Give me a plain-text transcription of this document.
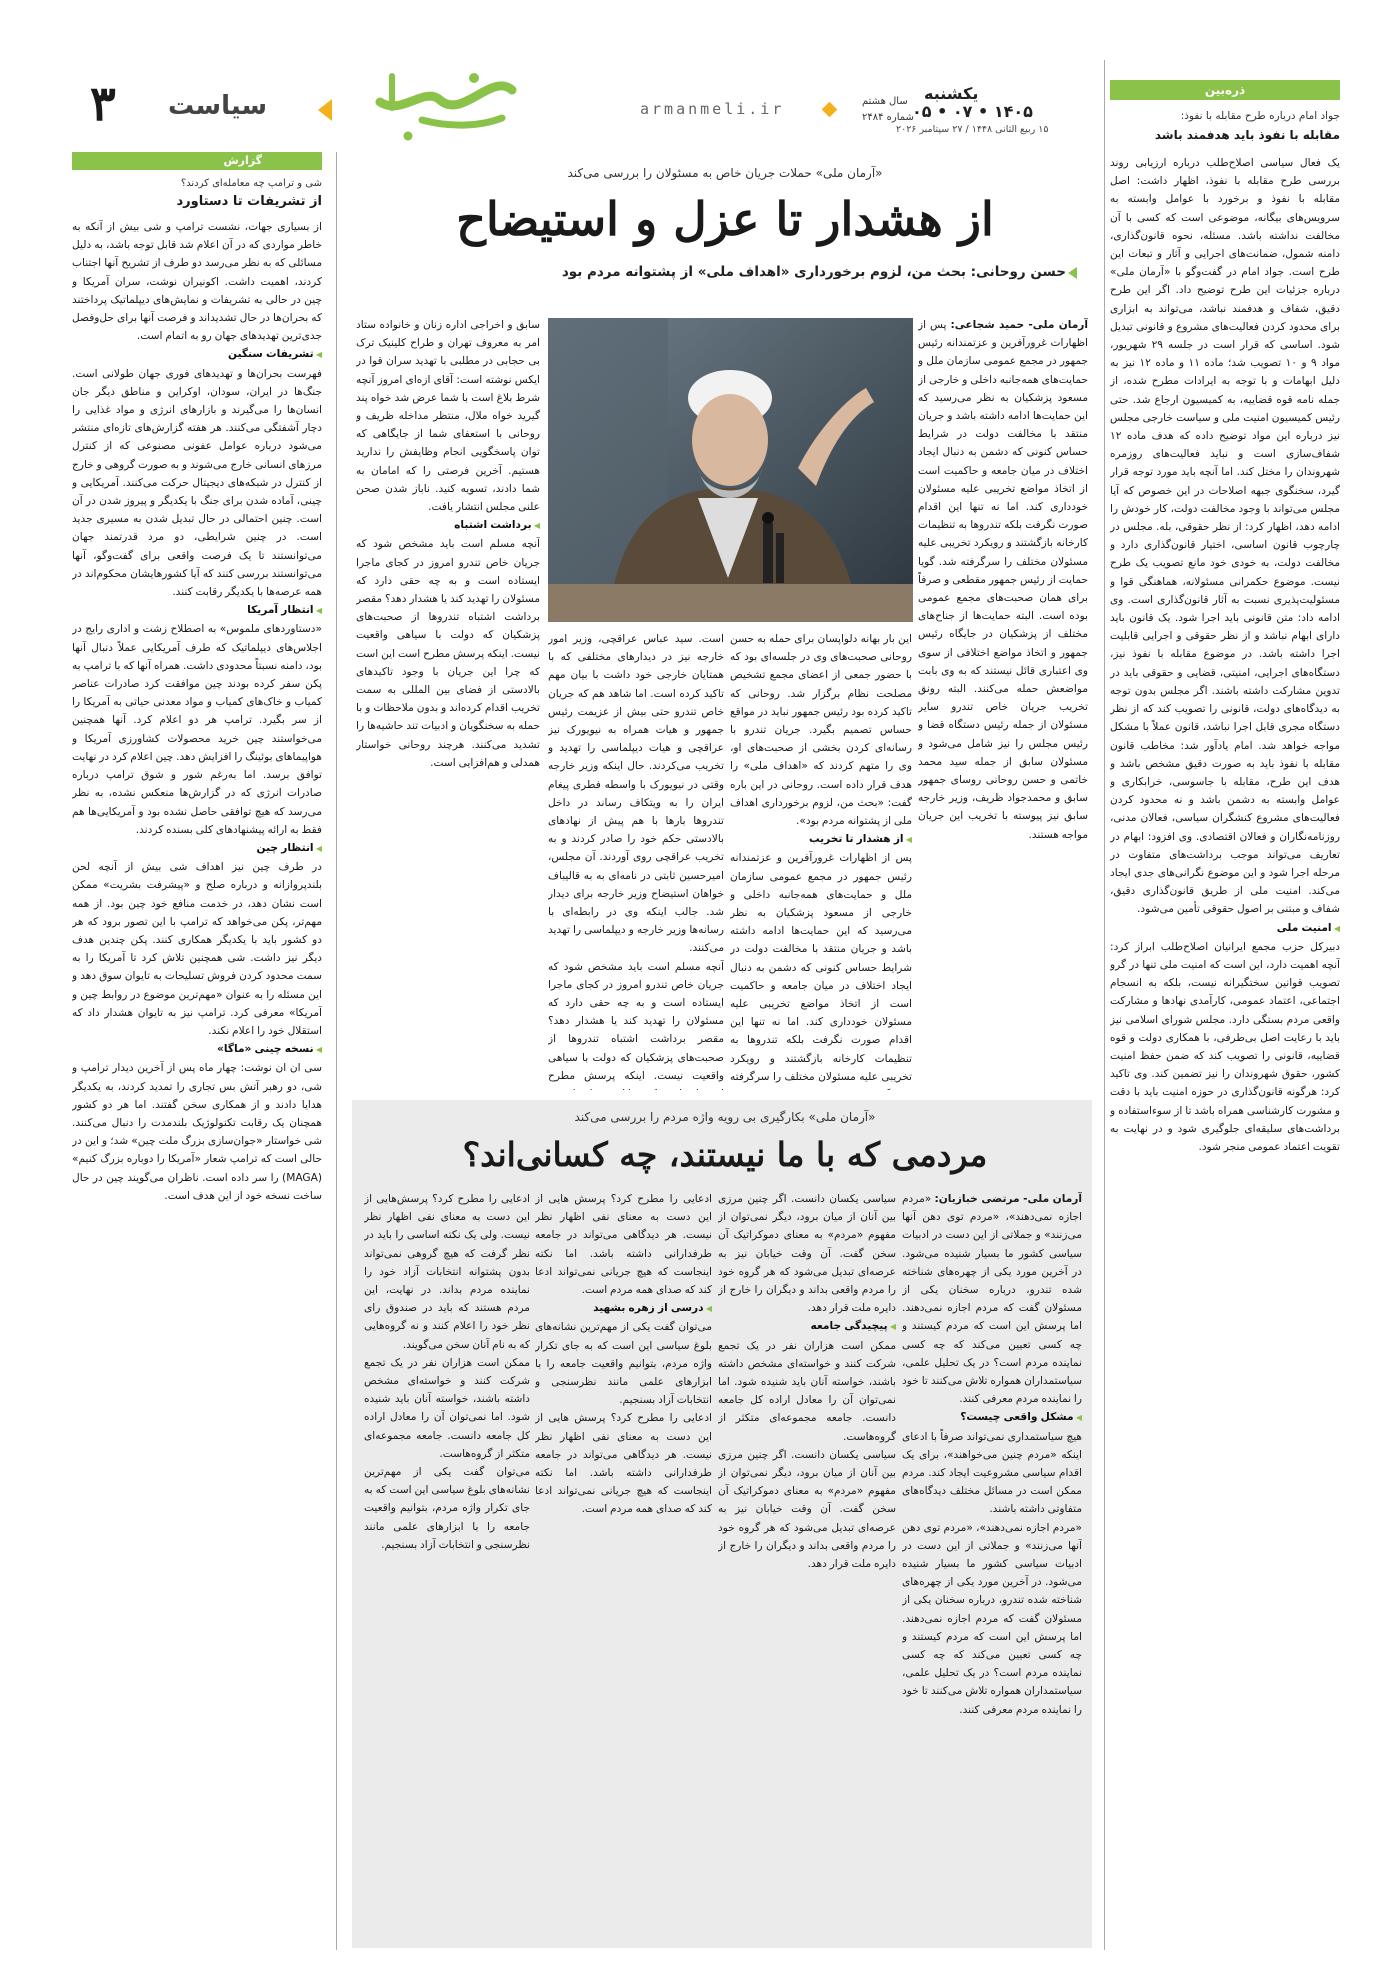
۳ سیاست	armanmeli.ir	سال هشتم
شماره ۲۴۸۴
یکشنبه
۱۴۰۵ • ۰۷ • ۰۵
۱۵ ربیع الثانی ۱۴۴۸ / ۲۷ سپتامبر ۲۰۲۶
ذره‌بین
جواد امام درباره طرح مقابله با نفوذ:
مقابله با نفوذ باید هدفمند باشد

یک فعال سیاسی اصلاح‌طلب درباره ارزیابی روند بررسی طرح مقابله با نفوذ، اظهار داشت: اصل مقابله با نفوذ و برخورد با عوامل وابسته به سرویس‌های بیگانه، موضوعی است که کسی با آن مخالفت نداشته باشد. مسئله، نحوه قانون‌گذاری، دامنه شمول، ضمانت‌های اجرایی و آثار و تبعات این طرح است. جواد امام در گفت‌وگو با «آرمان ملی» درباره جزئیات این طرح توضیح داد. اگر این طرح دقیق، شفاف و هدفمند نباشد، می‌تواند به ابزاری برای محدود کردن فعالیت‌های مشروع و قانونی تبدیل شود. اساسی که قرار است در جلسه ۲۹ شهریور، مواد ۹ و ۱۰ تصویب شد؛ ماده ۱۱ و ماده ۱۲ نیز به دلیل ابهامات و با توجه به ایرادات مطرح شده، از جمله نامه قوه قضاییه، به کمیسیون ارجاع شد. حتی رئیس کمیسیون امنیت ملی و سیاست خارجی مجلس نیز درباره این مواد توضیح داده که هدف ماده ۱۲ شفاف‌سازی است و نباید فعالیت‌های روزمره شهروندان را مختل کند. اما آنچه باید مورد توجه قرار گیرد، سخنگوی جبهه اصلاحات در این خصوص که آیا مجلس می‌تواند با وجود مخالفت دولت، کار خودش را ادامه دهد، اظهار کرد: از نظر حقوقی، بله. مجلس در چارچوب قانون اساسی، اختیار قانون‌گذاری دارد و مخالفت دولت، به خودی خود مانع تصویب یک طرح نیست. موضوع حکمرانی مسئولانه، هماهنگی قوا و مسئولیت‌پذیری نسبت به آثار قانون‌گذاری است. وی ادامه داد: متن قانونی باید اجرا شود. یک قانون باید دارای ابهام نباشد و از نظر حقوقی و اجرایی قابلیت اجرا داشته باشد. در موضوع مقابله با نفوذ نیز، دستگاه‌های اجرایی، امنیتی، قضایی و حقوقی باید در تدوین مشارکت داشته باشند. اگر مجلس بدون توجه به دیدگاه‌های دولت، قانونی را تصویب کند که از نظر دستگاه مجری قابل اجرا نباشد، قانون عملاً با مشکل مواجه خواهد شد. امام یادآور شد: مخاطب قانون مقابله با نفوذ باید به صورت دقیق مشخص باشد و هدف این طرح، مقابله با جاسوسی، خرابکاری و عوامل وابسته به دشمن باشد و نه محدود کردن فعالیت‌های مشروع کنشگران سیاسی، فعالان مدنی، روزنامه‌نگاران و فعالان اقتصادی. وی افزود: ابهام در تعاریف می‌تواند موجب برداشت‌های متفاوت در مرحله اجرا شود و این موضوع نگرانی‌های جدی ایجاد می‌کند. امنیت ملی از طریق قانون‌گذاری دقیق، شفاف و مبتنی بر اصول حقوقی تأمین می‌شود.

◀ امنیت ملی

دبیرکل حزب مجمع ایرانیان اصلاح‌طلب ابراز کرد: آنچه اهمیت دارد، این است که امنیت ملی تنها در گرو تصویب قوانین سختگیرانه نیست، بلکه به انسجام اجتماعی، اعتماد عمومی، کارآمدی نهادها و مشارکت واقعی مردم بستگی دارد. مجلس شورای اسلامی نیز باید با رعایت اصل بی‌طرفی، با همکاری دولت و قوه قضاییه، قانونی را تصویب کند که ضمن حفظ امنیت کشور، حقوق شهروندان را نیز تضمین کند. وی تاکید کرد: هرگونه قانون‌گذاری در حوزه امنیت باید با دقت و مشورت کارشناسی همراه باشد تا از سوءاستفاده و برداشت‌های سلیقه‌ای جلوگیری شود و در نهایت به تقویت اعتماد عمومی منجر شود.

گزارش
شی و ترامپ چه معامله‌ای کردند؟
از تشریفات تا دستاورد

از بسیاری جهات، نشست ترامپ و شی بیش از آنکه به خاطر مواردی که در آن اعلام شد قابل توجه باشد، به دلیل مسائلی که به نظر می‌رسد دو طرف از تشریح آنها اجتناب کردند، اهمیت داشت. اکونیران نوشت، سران آمریکا و چین در حالی به تشریفات و نمایش‌های دیپلماتیک پرداختند که بحران‌ها در حال تشدید‌اند و فرصت آنها برای حل‌وفصل جدی‌ترین تهدیدهای جهان رو به اتمام است.

◀ تشریفات سنگین

فهرست بحران‌ها و تهدیدهای فوری جهان طولانی است. جنگ‌ها در ایران، سودان، اوکراین و مناطق دیگر جان انسان‌ها را می‌گیرند و بازارهای انرژی و مواد غذایی را دچار آشفتگی می‌کنند. هر هفته گزارش‌های تازه‌ای منتشر می‌شود درباره عوامل عفونی مصنوعی که از کنترل مرزهای انسانی خارج می‌شوند و به صورت گروهی و خارج از کنترل در شبکه‌های دیجیتال حرکت می‌کنند. آمریکایی و چینی، آماده شدن برای جنگ با یکدیگر و پیروز شدن در آن است. چنین احتمالی در حال تبدیل شدن به مسیری جدید است. در چنین شرایطی، دو مرد قدرتمند جهان می‌توانستند تا یک فرصت واقعی برای گفت‌وگو، آنها می‌توانستند بررسی کنند که آیا کشورهایشان محکوم‌اند در همه عرصه‌ها با یکدیگر رقابت کنند.

◀ انتظار آمریکا

«دستاوردهای ملموس» به اصطلاح زشت و اداری رایج در اجلاس‌های دیپلماتیک که طرف آمریکایی عملاً دنبال آنها بود، دامنه نسبتاً محدودی داشت. همراه آنها که با ترامپ به پکن سفر کرده بودند چین موافقت کرد صادرات عناصر کمیاب و خاک‌های کمیاب و مواد معدنی حیاتی به آمریکا را از سر بگیرد. ترامپ هر دو اعلام کرد. آنها همچنین می‌خواستند چین خرید محصولات کشاورزی آمریکا و هواپیماهای بوئینگ را افزایش دهد. چین اعلام کرد در نهایت توافق برسد. اما به‌رغم شور و شوق ترامپ درباره صادرات انرژی که در گزارش‌ها منعکس نشده، به نظر می‌رسد که هیچ توافقی حاصل نشده بود و آمریکایی‌ها هم فقط به ارائه پیشنهادهای کلی بسنده کردند.

◀ انتظار چین

در طرف چین نیز اهداف شی بیش از آنچه لحن بلندپروازانه و درباره صلح و «پیشرفت بشریت» ممکن است نشان دهد، در خدمت منافع خود چین بود. از همه مهم‌تر، پکن می‌خواهد که ترامپ با این تصور برود که هر دو کشور باید با یکدیگر همکاری کنند. پکن چندین هدف دیگر نیز داشت. شی همچنین تلاش کرد تا آمریکا را به سمت محدود کردن فروش تسلیحات به تایوان سوق دهد و این مسئله را به عنوان «مهم‌ترین موضوع در روابط چین و آمریکا» معرفی کرد. ترامپ نیز به تایوان هشدار داد که استقلال خود را اعلام نکند.

◀ نسخه چینی «ماگا»

سی ان ان نوشت: چهار ماه پس از آخرین دیدار ترامپ و شی، دو رهبر آتش بس تجاری را تمدید کردند، به یکدیگر هدایا دادند و از همکاری سخن گفتند. اما هر دو کشور همچنان یک رقابت تکنولوژیک بلندمدت را دنبال می‌کنند. شی خواستار «جوان‌سازی بزرگ ملت چین» شد؛ و این در حالی است که ترامپ شعار «آمریکا را دوباره بزرگ کنیم» (MAGA) را سر داده است. ناظران می‌گویند چین در حال ساخت نسخه خود از این هدف است.

«آرمان ملی» حملات جریان خاص به مسئولان را بررسی می‌کند
از هشدار تا عزل و استیضاح
حسن روحانی: بحث من، لزوم برخورداری «اهداف ملی» از پشتوانه مردم بود
آرمان ملی- حمید شجاعی: پس از اظهارات غرورآفرین و عزتمندانه رئیس جمهور در مجمع عمومی سازمان ملل و حمایت‌های همه‌جانبه داخلی و خارجی از مسعود پزشکیان به نظر می‌رسید که این حمایت‌ها ادامه داشته باشد و جریان منتقد با مخالفت دولت در شرایط حساس کنونی که دشمن به دنبال ایجاد اختلاف در میان جامعه و حاکمیت است از اتخاذ مواضع تخریبی علیه مسئولان خودداری کند. اما نه تنها این اقدام صورت نگرفت بلکه تندروها به تنظیمات کارخانه بازگشتند و رویکرد تخریبی علیه مسئولان مختلف را سرگرفته شد. گویا حمایت از رئیس جمهور مقطعی و صرفاً برای همان صحبت‌های مجمع عمومی بوده است. البته حمایت‌ها از جناح‌های مختلف از پزشکیان در جایگاه رئیس جمهور و اتخاذ مواضع اختلافی از سوی وی اعتباری قائل نیستند که به وی بابت مواضعش حمله می‌کنند. البته رونق تخریب جریان خاص تندرو سایر مسئولان از جمله رئیس دستگاه قضا و رئیس مجلس را نیز شامل می‌شود و مسئولان سابق از جمله سید محمد خاتمی و حسن روحانی روسای جمهور سابق و محمدجواد ظریف، وزیر خارجه سابق نیز پیوسته با تخریب این جریان مواجه هستند.

این بار بهانه دلواپسان برای حمله به حسن روحانی صحبت‌های وی در جلسه‌ای بود که با حضور جمعی از اعضای مجمع تشخیص مصلحت نظام برگزار شد. روحانی که تاکید کرده بود رئیس جمهور نباید در مواقع حساس تصمیم بگیرد. جریان تندرو با رسانه‌ای کردن بخشی از صحبت‌های او، وی را متهم کردند که «اهداف ملی» را هدف قرار داده است. روحانی در این باره گفت: «بحث من، لزوم برخورداری اهداف ملی از پشتوانه مردم بود».

◀ از هشدار تا تخریب

پس از اظهارات غرورآفرین و عزتمندانه رئیس جمهور در مجمع عمومی سازمان ملل و حمایت‌های همه‌جانبه داخلی و خارجی از مسعود پزشکیان به نظر می‌رسید که این حمایت‌ها ادامه داشته باشد و جریان منتقد با مخالفت دولت در شرایط حساس کنونی که دشمن به دنبال ایجاد اختلاف در میان جامعه و حاکمیت است از اتخاذ مواضع تخریبی علیه مسئولان خودداری کند. اما نه تنها این اقدام صورت نگرفت بلکه تندروها به تنظیمات کارخانه بازگشتند و رویکرد تخریبی علیه مسئولان مختلف را سرگرفته

است. سید عباس عراقچی، وزیر امور خارجه نیز در دیدارهای مختلفی که با همتایان خارجی خود داشت با بیان مهم تاکید کرده است. اما شاهد هم که جریان خاص تندرو حتی بیش از عزیمت رئیس جمهور و هیات همراه به نیویورک نیز عراقچی و هیات دیپلماسی را تهدید و تخریب می‌کردند. حال اینکه وزیر خارجه وقتی در نیویورک با واسطه فطری پیغام ایران را به ویتکاف رساند در داخل تندروها بارها با هم پیش از نهادهای بالادستی حکم خود را صادر کردند و به تخریب عراقچی روی آوردند. آن مجلس، امیرحسین ثابتی در نامه‌ای به به قالیباف خواهان استیضاح وزیر خارجه برای دیدار شد. جالب اینکه وی در رابطه‌ای با رسانه‌ها وزیر خارجه و دیپلماسی را تهدید می‌کنند.

آنچه مسلم است باید مشخص شود که جریان خاص تندرو امروز در کجای ماجرا ایستاده است و به چه حقی دارد که مسئولان را تهدید کند یا هشدار دهد؟ مقصر برداشت اشتباه تندروها از صحبت‌های پزشکیان که دولت با سیاهی واقعیت نیست. اینکه پرسش مطرح

سابق و اخراجی اداره زنان و خانواده ستاد امر به معروف تهران و طراح کلینیک ترک بی حجابی در مطلبی با تهدید سران قوا در ایکس نوشته است: آقای ازه‌ای امروز آنچه شرط بلاغ است با شما عرض شد خواه پند گیرید خواه ملال، منتظر مداخله ظریف و روحانی با استعفای شما از جایگاهی که توان پاسخگویی انجام وظایفش را ندارید هستیم. آخرین فرصتی را که امامان به شما دادند، تسویه کنید. ناباز شدن صحن علنی مجلس انتشار یافت.

◀ برداشت اشتباه

آنچه مسلم است باید مشخص شود که جریان خاص تندرو امروز در کجای ماجرا ایستاده است و به چه حقی دارد که مسئولان را تهدید کند یا هشدار دهد؟ مقصر برداشت اشتباه تندروها از صحبت‌های پزشکیان که دولت با سیاهی واقعیت نیست. اینکه پرسش مطرح است این است که چرا این جریان با وجود تاکیدهای بالادستی از فضای بین المللی به سمت تخریب اقدام کرده‌اند و بدون ملاحظات و با حمله به سخنگویان و ادبیات تند حاشیه‌ها را تشدید می‌کنند. هرچند روحانی خواستار همدلی و هم‌افزایی است.

«آرمان ملی» بکارگیری بی رویه واژه مردم را بررسی می‌کند
مردمی که با ما نیستند، چه کسانی‌اند؟
آرمان ملی- مرتضی خبازیان: «مردم اجازه نمی‌دهند»، «مردم توی دهن آنها می‌زنند» و جملاتی از این دست در ادبیات سیاسی کشور ما بسیار شنیده می‌شود. در آخرین مورد یکی از چهره‌های شناخته شده تندرو، درباره سخنان یکی از مسئولان گفت که مردم اجازه نمی‌دهند. اما پرسش این است که مردم کیستند و چه کسی تعیین می‌کند که چه کسی نماینده مردم است؟ در یک تحلیل علمی، سیاستمداران همواره تلاش می‌کنند تا خود را نماینده مردم معرفی کنند.

◀ مشکل واقعی چیست؟

هیچ سیاستمداری نمی‌تواند صرفاً با ادعای اینکه «مردم چنین می‌خواهند»، برای یک اقدام سیاسی مشروعیت ایجاد کند. مردم ممکن است در مسائل مختلف دیدگاه‌های متفاوتی داشته باشند.

«مردم اجازه نمی‌دهند»، «مردم توی دهن آنها می‌زنند» و جملاتی از این دست در ادبیات سیاسی کشور ما بسیار شنیده می‌شود. در آخرین مورد یکی از چهره‌های شناخته شده تندرو، درباره سخنان یکی از مسئولان گفت که مردم اجازه نمی‌دهند. اما پرسش این است که مردم کیستند و چه کسی تعیین می‌کند که چه کسی نماینده مردم است؟ در یک تحلیل علمی، سیاستمداران همواره تلاش می‌کنند تا خود را نماینده مردم معرفی کنند.

سیاسی یکسان دانست. اگر چنین مرزی بین آنان از میان برود، دیگر نمی‌توان از مفهوم «مردم» به معنای دموکراتیک آن سخن گفت. آن وقت خیابان نیز به عرصه‌ای تبدیل می‌شود که هر گروه خود را مردم واقعی بداند و دیگران را خارج از دایره ملت قرار دهد.

◀ پیچیدگی جامعه

ممکن است هزاران نفر در یک تجمع شرکت کنند و خواسته‌ای مشخص داشته باشند، خواسته آنان باید شنیده شود. اما نمی‌توان آن را معادل اراده کل جامعه دانست. جامعه مجموعه‌ای متکثر از گروه‌هاست.

سیاسی یکسان دانست. اگر چنین مرزی بین آنان از میان برود، دیگر نمی‌توان از مفهوم «مردم» به معنای دموکراتیک آن سخن گفت. آن وقت خیابان نیز به عرصه‌ای تبدیل می‌شود که هر گروه خود را مردم واقعی بداند و دیگران را خارج از دایره ملت قرار دهد.

ادعایی را مطرح کرد؟ پرسش هایی از این دست به معنای نفی اظهار نظر نیست. هر دیدگاهی می‌تواند در جامعه طرفدارانی داشته باشد. اما نکته اینجاست که هیچ جریانی نمی‌تواند ادعا کند که صدای همه مردم است.

◀ درسی از زهره بشهید

می‌توان گفت یکی از مهم‌ترین نشانه‌های بلوغ سیاسی این است که به جای تکرار واژه مردم، بتوانیم واقعیت جامعه را با ابزارهای علمی مانند نظرسنجی و انتخابات آزاد بسنجیم.

ادعایی را مطرح کرد؟ پرسش هایی از این دست به معنای نفی اظهار نظر نیست. هر دیدگاهی می‌تواند در جامعه طرفدارانی داشته باشد. اما نکته اینجاست که هیچ جریانی نمی‌تواند ادعا کند که صدای همه مردم است.

ادعایی را مطرح کرد؟ پرسش‌هایی از این دست به معنای نفی اظهار نظر نیست. ولی یک نکته اساسی را باید در نظر گرفت که هیچ گروهی نمی‌تواند بدون پشتوانه انتخابات آزاد خود را نماینده مردم بداند. در نهایت، این مردم هستند که باید در صندوق رای نظر خود را اعلام کنند و نه گروه‌هایی که به نام آنان سخن می‌گویند.

ممکن است هزاران نفر در یک تجمع شرکت کنند و خواسته‌ای مشخص داشته باشند، خواسته آنان باید شنیده شود. اما نمی‌توان آن را معادل اراده کل جامعه دانست. جامعه مجموعه‌ای متکثر از گروه‌هاست.

می‌توان گفت یکی از مهم‌ترین نشانه‌های بلوغ سیاسی این است که به جای تکرار واژه مردم، بتوانیم واقعیت جامعه را با ابزارهای علمی مانند نظرسنجی و انتخابات آزاد بسنجیم.
